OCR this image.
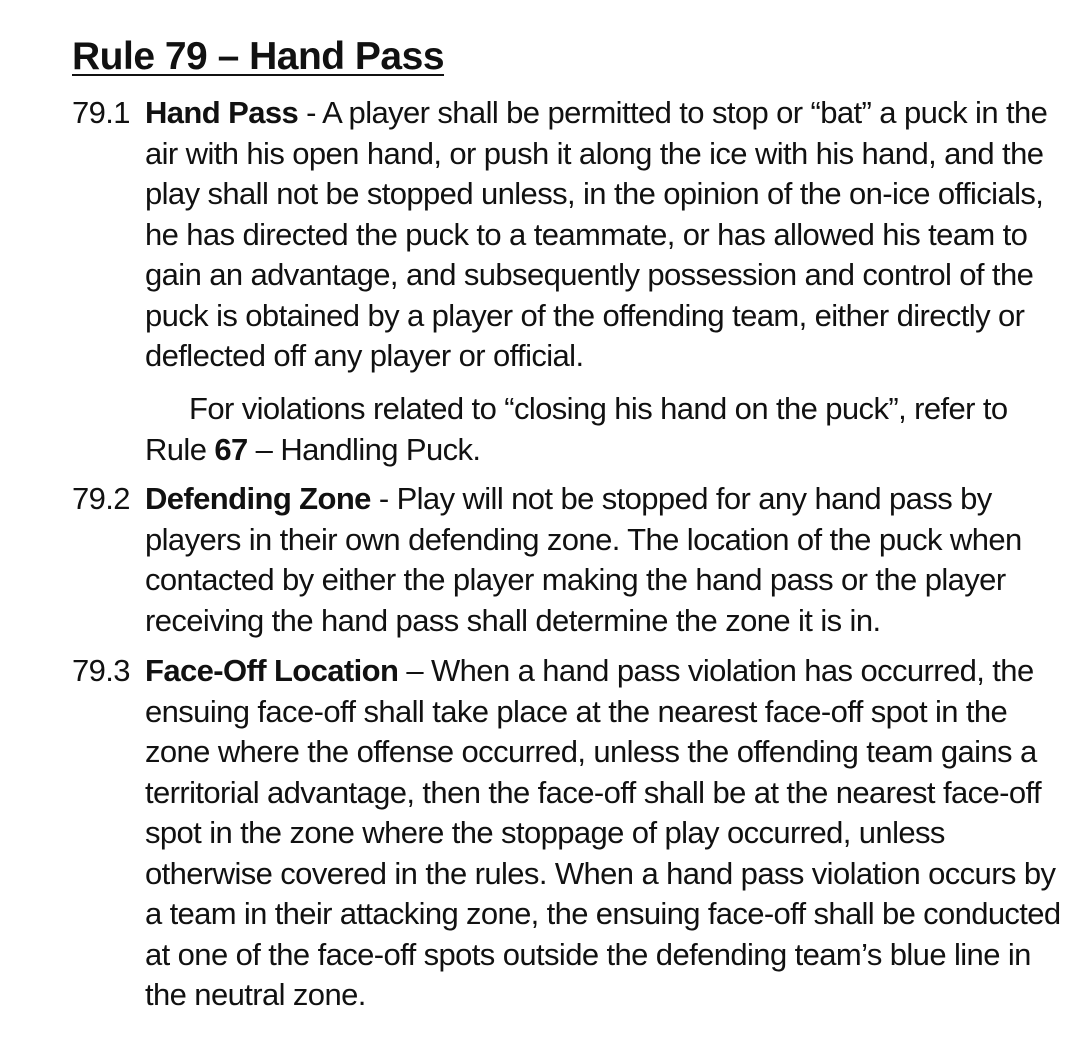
Rule 79 – Hand Pass
79.1 Hand Pass - A player shall be permitted to stop or “bat” a puck in the
air with his open hand, or push it along the ice with his hand, and the
play shall not be stopped unless, in the opinion of the on-ice officials,
he has directed the puck to a teammate, or has allowed his team to
gain an advantage, and subsequently possession and control of the
puck is obtained by a player of the offending team, either directly or
deflected off any player or official.
For violations related to “closing his hand on the puck”, refer to
Rule 67 – Handling Puck.
79.2 Defending Zone - Play will not be stopped for any hand pass by
players in their own defending zone. The location of the puck when
contacted by either the player making the hand pass or the player
receiving the hand pass shall determine the zone it is in.
79.3 Face-Off Location – When a hand pass violation has occurred, the
ensuing face-off shall take place at the nearest face-off spot in the
zone where the offense occurred, unless the offending team gains a
territorial advantage, then the face-off shall be at the nearest face-off
spot in the zone where the stoppage of play occurred, unless
otherwise covered in the rules. When a hand pass violation occurs by
a team in their attacking zone, the ensuing face-off shall be conducted
at one of the face-off spots outside the defending team’s blue line in
the neutral zone.
